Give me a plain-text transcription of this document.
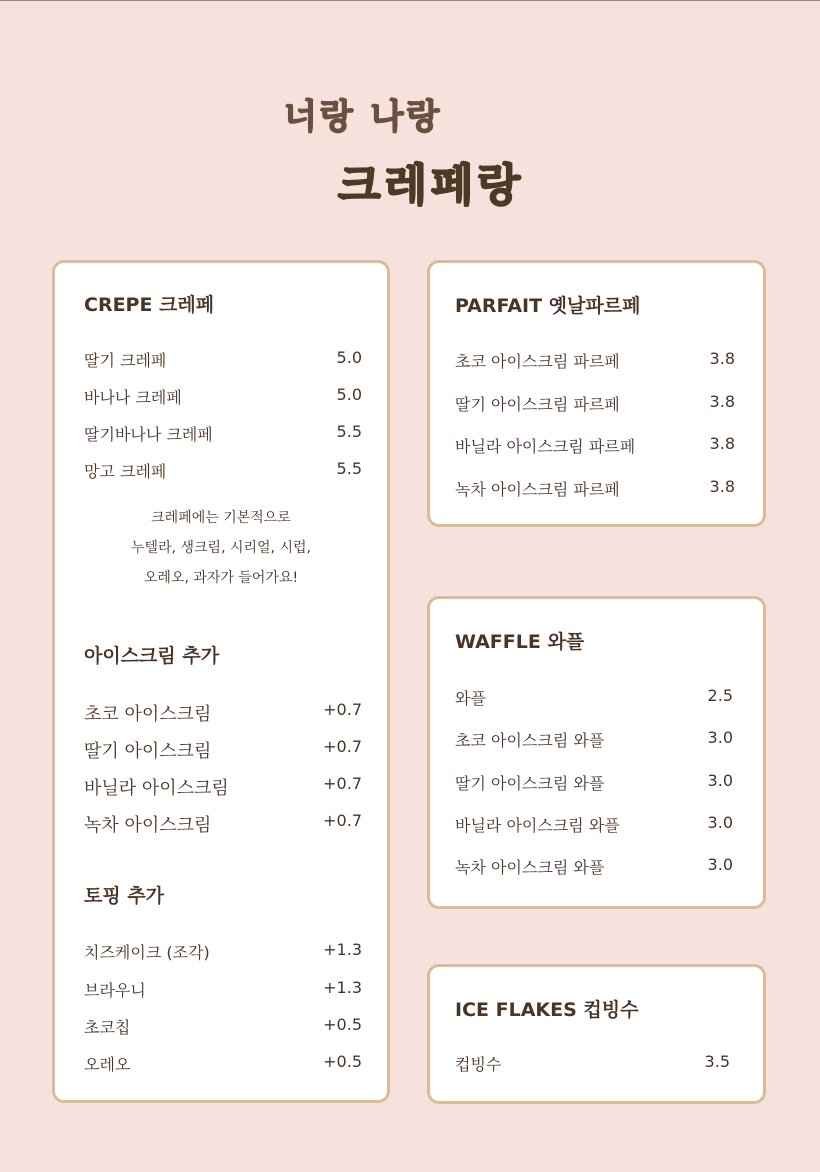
너랑 나랑
크레페랑
CREPE 크레페
딸기 크레페	5.0
바나나 크레페	5.0
딸기바나나 크레페	5.5
망고 크레페	5.5
크레페에는 기본적으로
누텔라, 생크림, 시리얼, 시럽,
오레오, 과자가 들어가요!
아이스크림 추가
초코 아이스크림	+0.7
딸기 아이스크림	+0.7
바닐라 아이스크림	+0.7
녹차 아이스크림	+0.7
토핑 추가
치즈케이크 (조각)	+1.3
브라우니	+1.3
초코칩	+0.5
오레오	+0.5
PARFAIT 옛날파르페
초코 아이스크림 파르페	3.8
딸기 아이스크림 파르페	3.8
바닐라 아이스크림 파르페	3.8
녹차 아이스크림 파르페	3.8
WAFFLE 와플
와플	2.5
초코 아이스크림 와플	3.0
딸기 아이스크림 와플	3.0
바닐라 아이스크림 와플	3.0
녹차 아이스크림 와플	3.0
ICE FLAKES 컵빙수
컵빙수	3.5
